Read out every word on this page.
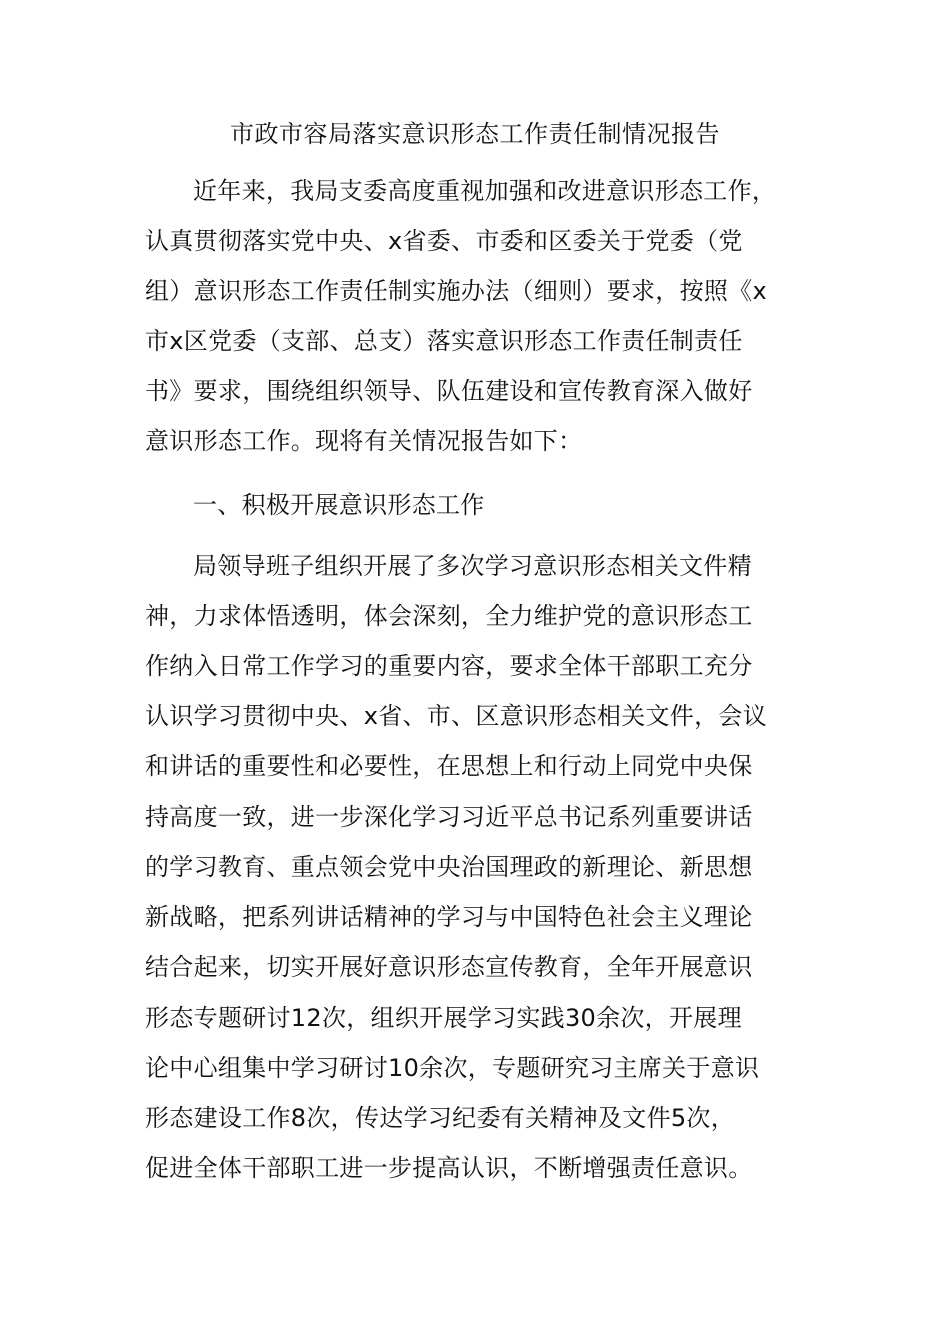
市政市容局落实意识形态工作责任制情况报告
近年来，我局支委高度重视加强和改进意识形态工作，
认真贯彻落实党中央、x省委、市委和区委关于党委（党
组）意识形态工作责任制实施办法（细则）要求，按照《x
市x区党委（支部、总支）落实意识形态工作责任制责任
书》要求，围绕组织领导、队伍建设和宣传教育深入做好
意识形态工作。现将有关情况报告如下：
一、积极开展意识形态工作
局领导班子组织开展了多次学习意识形态相关文件精
神，力求体悟透明，体会深刻，全力维护党的意识形态工
作纳入日常工作学习的重要内容，要求全体干部职工充分
认识学习贯彻中央、x省、市、区意识形态相关文件，会议
和讲话的重要性和必要性，在思想上和行动上同党中央保
持高度一致，进一步深化学习习近平总书记系列重要讲话
的学习教育、重点领会党中央治国理政的新理论、新思想
新战略，把系列讲话精神的学习与中国特色社会主义理论
结合起来，切实开展好意识形态宣传教育，全年开展意识
形态专题研讨12次，组织开展学习实践30余次，开展理
论中心组集中学习研讨10余次，专题研究习主席关于意识
形态建设工作8次，传达学习纪委有关精神及文件5次，
促进全体干部职工进一步提高认识，不断增强责任意识。
